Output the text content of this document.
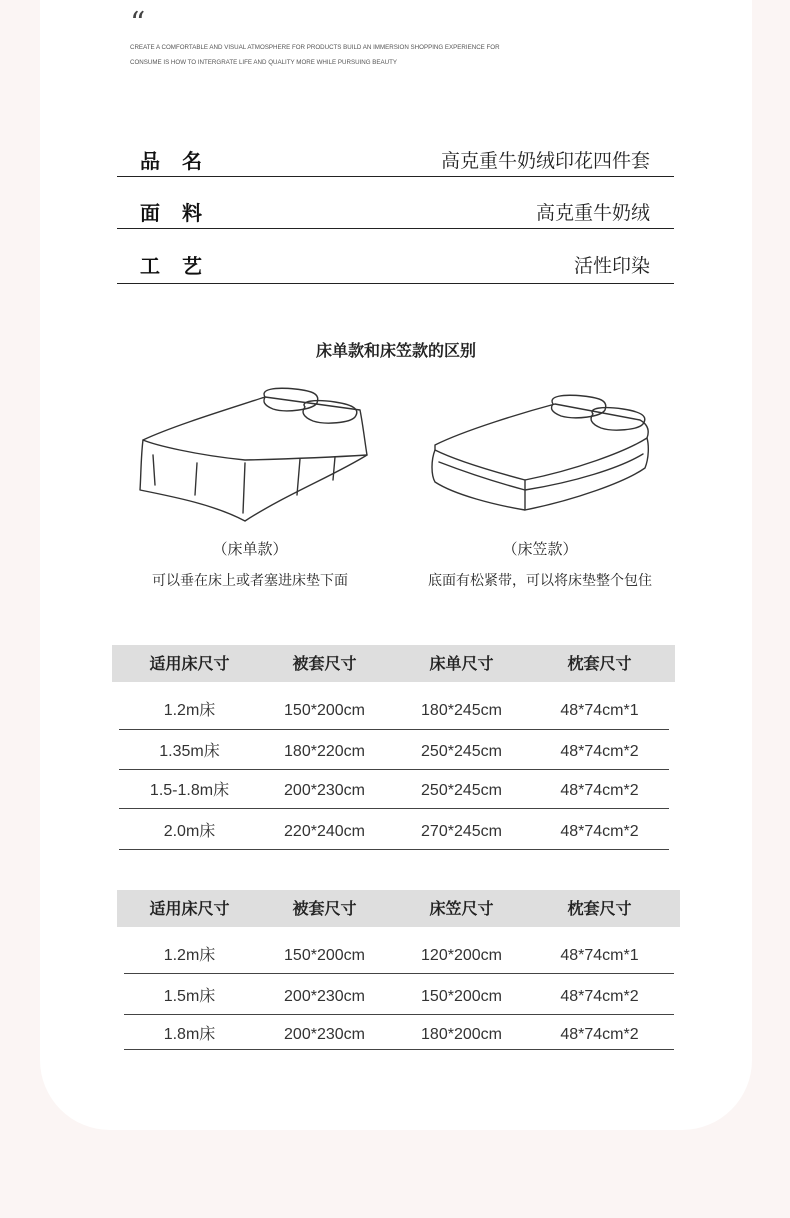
“
CREATE A COMFORTABLE AND VISUAL ATMOSPHERE FOR PRODUCTS BUILD AN IMMERSION SHOPPING EXPERIENCE FOR CONSUME IS HOW TO INTERGRATE LIFE AND QUALITY MORE WHILE PURSUING BEAUTY
品名	高克重牛奶绒印花四件套
面料	高克重牛奶绒
工艺	活性印染
床单款和床笠款的区别
（床单款）
可以垂在床上或者塞进床垫下面
（床笠款）
底面有松紧带，可以将床垫整个包住
适用床尺寸	被套尺寸	床单尺寸	枕套尺寸
1.2m床	150*200cm	180*245cm	48*74cm*1
1.35m床	180*220cm	250*245cm	48*74cm*2
1.5-1.8m床	200*230cm	250*245cm	48*74cm*2
2.0m床	220*240cm	270*245cm	48*74cm*2
适用床尺寸	被套尺寸	床笠尺寸	枕套尺寸
1.2m床	150*200cm	120*200cm	48*74cm*1
1.5m床	200*230cm	150*200cm	48*74cm*2
1.8m床	200*230cm	180*200cm	48*74cm*2
